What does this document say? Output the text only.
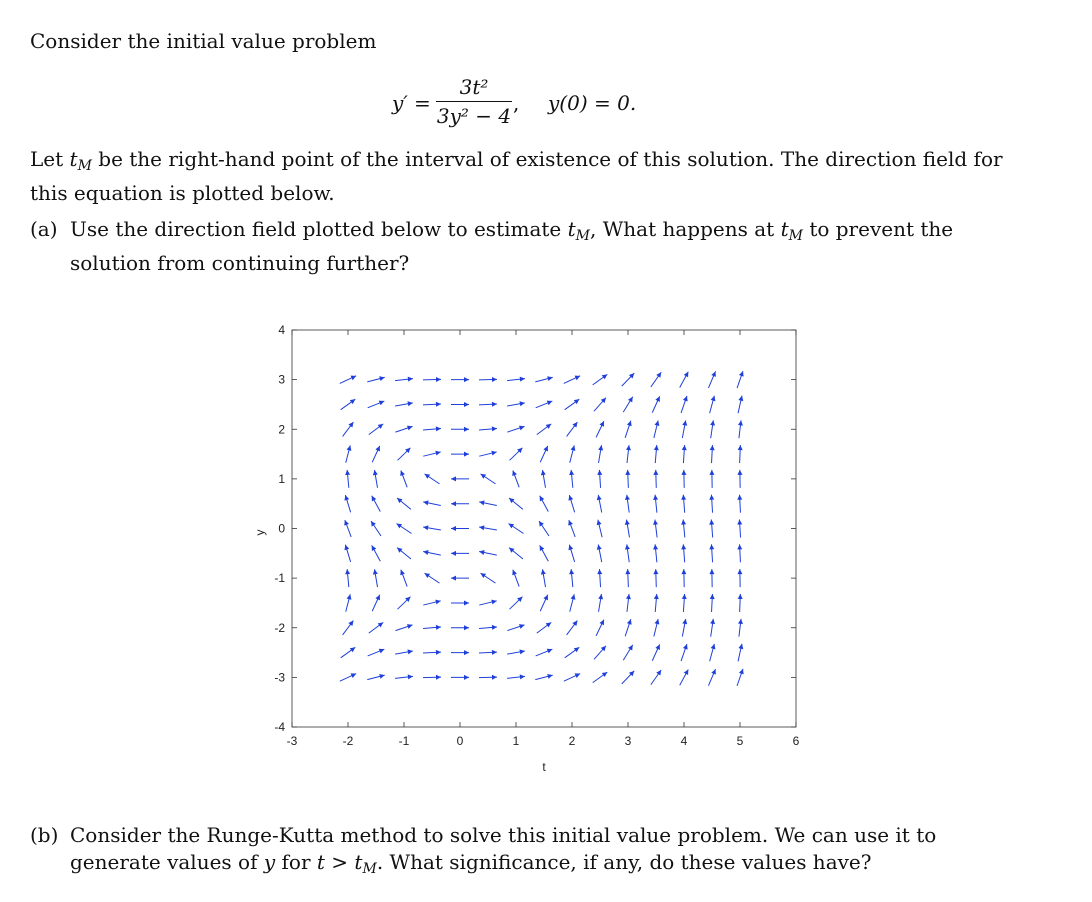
Consider the initial value problem
y′ =
3t²
3y² − 4
, y(0) = 0.
Let $t_M$ be the right-hand point of the interval of existence of this solution. The direction field for this equation is plotted below.
(a) Use the direction field plotted below to estimate $t_M$, What happens at $t_M$ to prevent the solution from continuing further?
-3	-2	-1	0	1	2	3	4	5	6
-4
-3
-2
-1
0
1
2
3
4
t
y
(b) Consider the Runge-Kutta method to solve this initial value problem. We can use it to generate values of y for $t > t_M$. What significance, if any, do these values have?
